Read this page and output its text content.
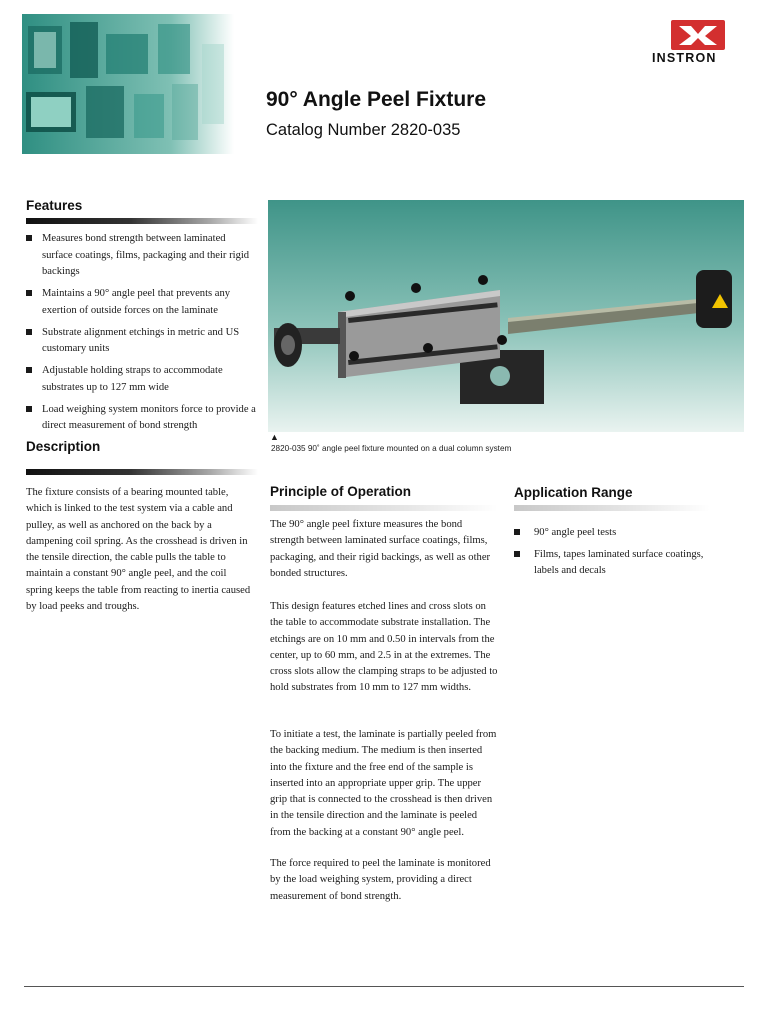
INSTRON
90° Angle Peel Fixture
Catalog Number 2820-035
Features
Measures bond strength between laminated surface coatings, films, packaging and their rigid backings
Maintains a 90° angle peel that prevents any exertion of outside forces on the laminate
Substrate alignment etchings in metric and US customary units
Adjustable holding straps to accommodate substrates up to 127 mm wide
Load weighing system monitors force to provide a direct measurement of bond strength
Description
The fixture consists of a bearing mounted table, which is linked to the test system via a cable and pulley, as well as anchored on the back by a dampening coil spring. As the crosshead is driven in the tensile direction, the cable pulls the table to maintain a constant 90° angle peel, and the coil spring keeps the table from reacting to inertia caused by load peeks and troughs.
▲
2820-035 90˚ angle peel fixture mounted on a dual column system
Principle of Operation
The 90° angle peel fixture measures the bond strength between laminated surface coatings, films, packaging, and their rigid backings, as well as other bonded structures.
This design features etched lines and cross slots on the table to accommodate substrate installation. The etchings are on 10 mm and 0.50 in intervals from the center, up to 60 mm, and 2.5 in at the extremes. The cross slots allow the clamping straps to be adjusted to hold substrates from 10 mm to 127 mm widths.
To initiate a test, the laminate is partially peeled from the backing medium. The medium is then inserted into the fixture and the free end of the sample is inserted into an appropriate upper grip. The upper grip that is connected to the crosshead is then driven in the tensile direction and the laminate is peeled from the backing at a constant 90° angle peel.
The force required to peel the laminate is monitored by the load weighing system, providing a direct measurement of bond strength.
Application Range
90° angle peel tests
Films, tapes laminated surface coatings, labels and decals
